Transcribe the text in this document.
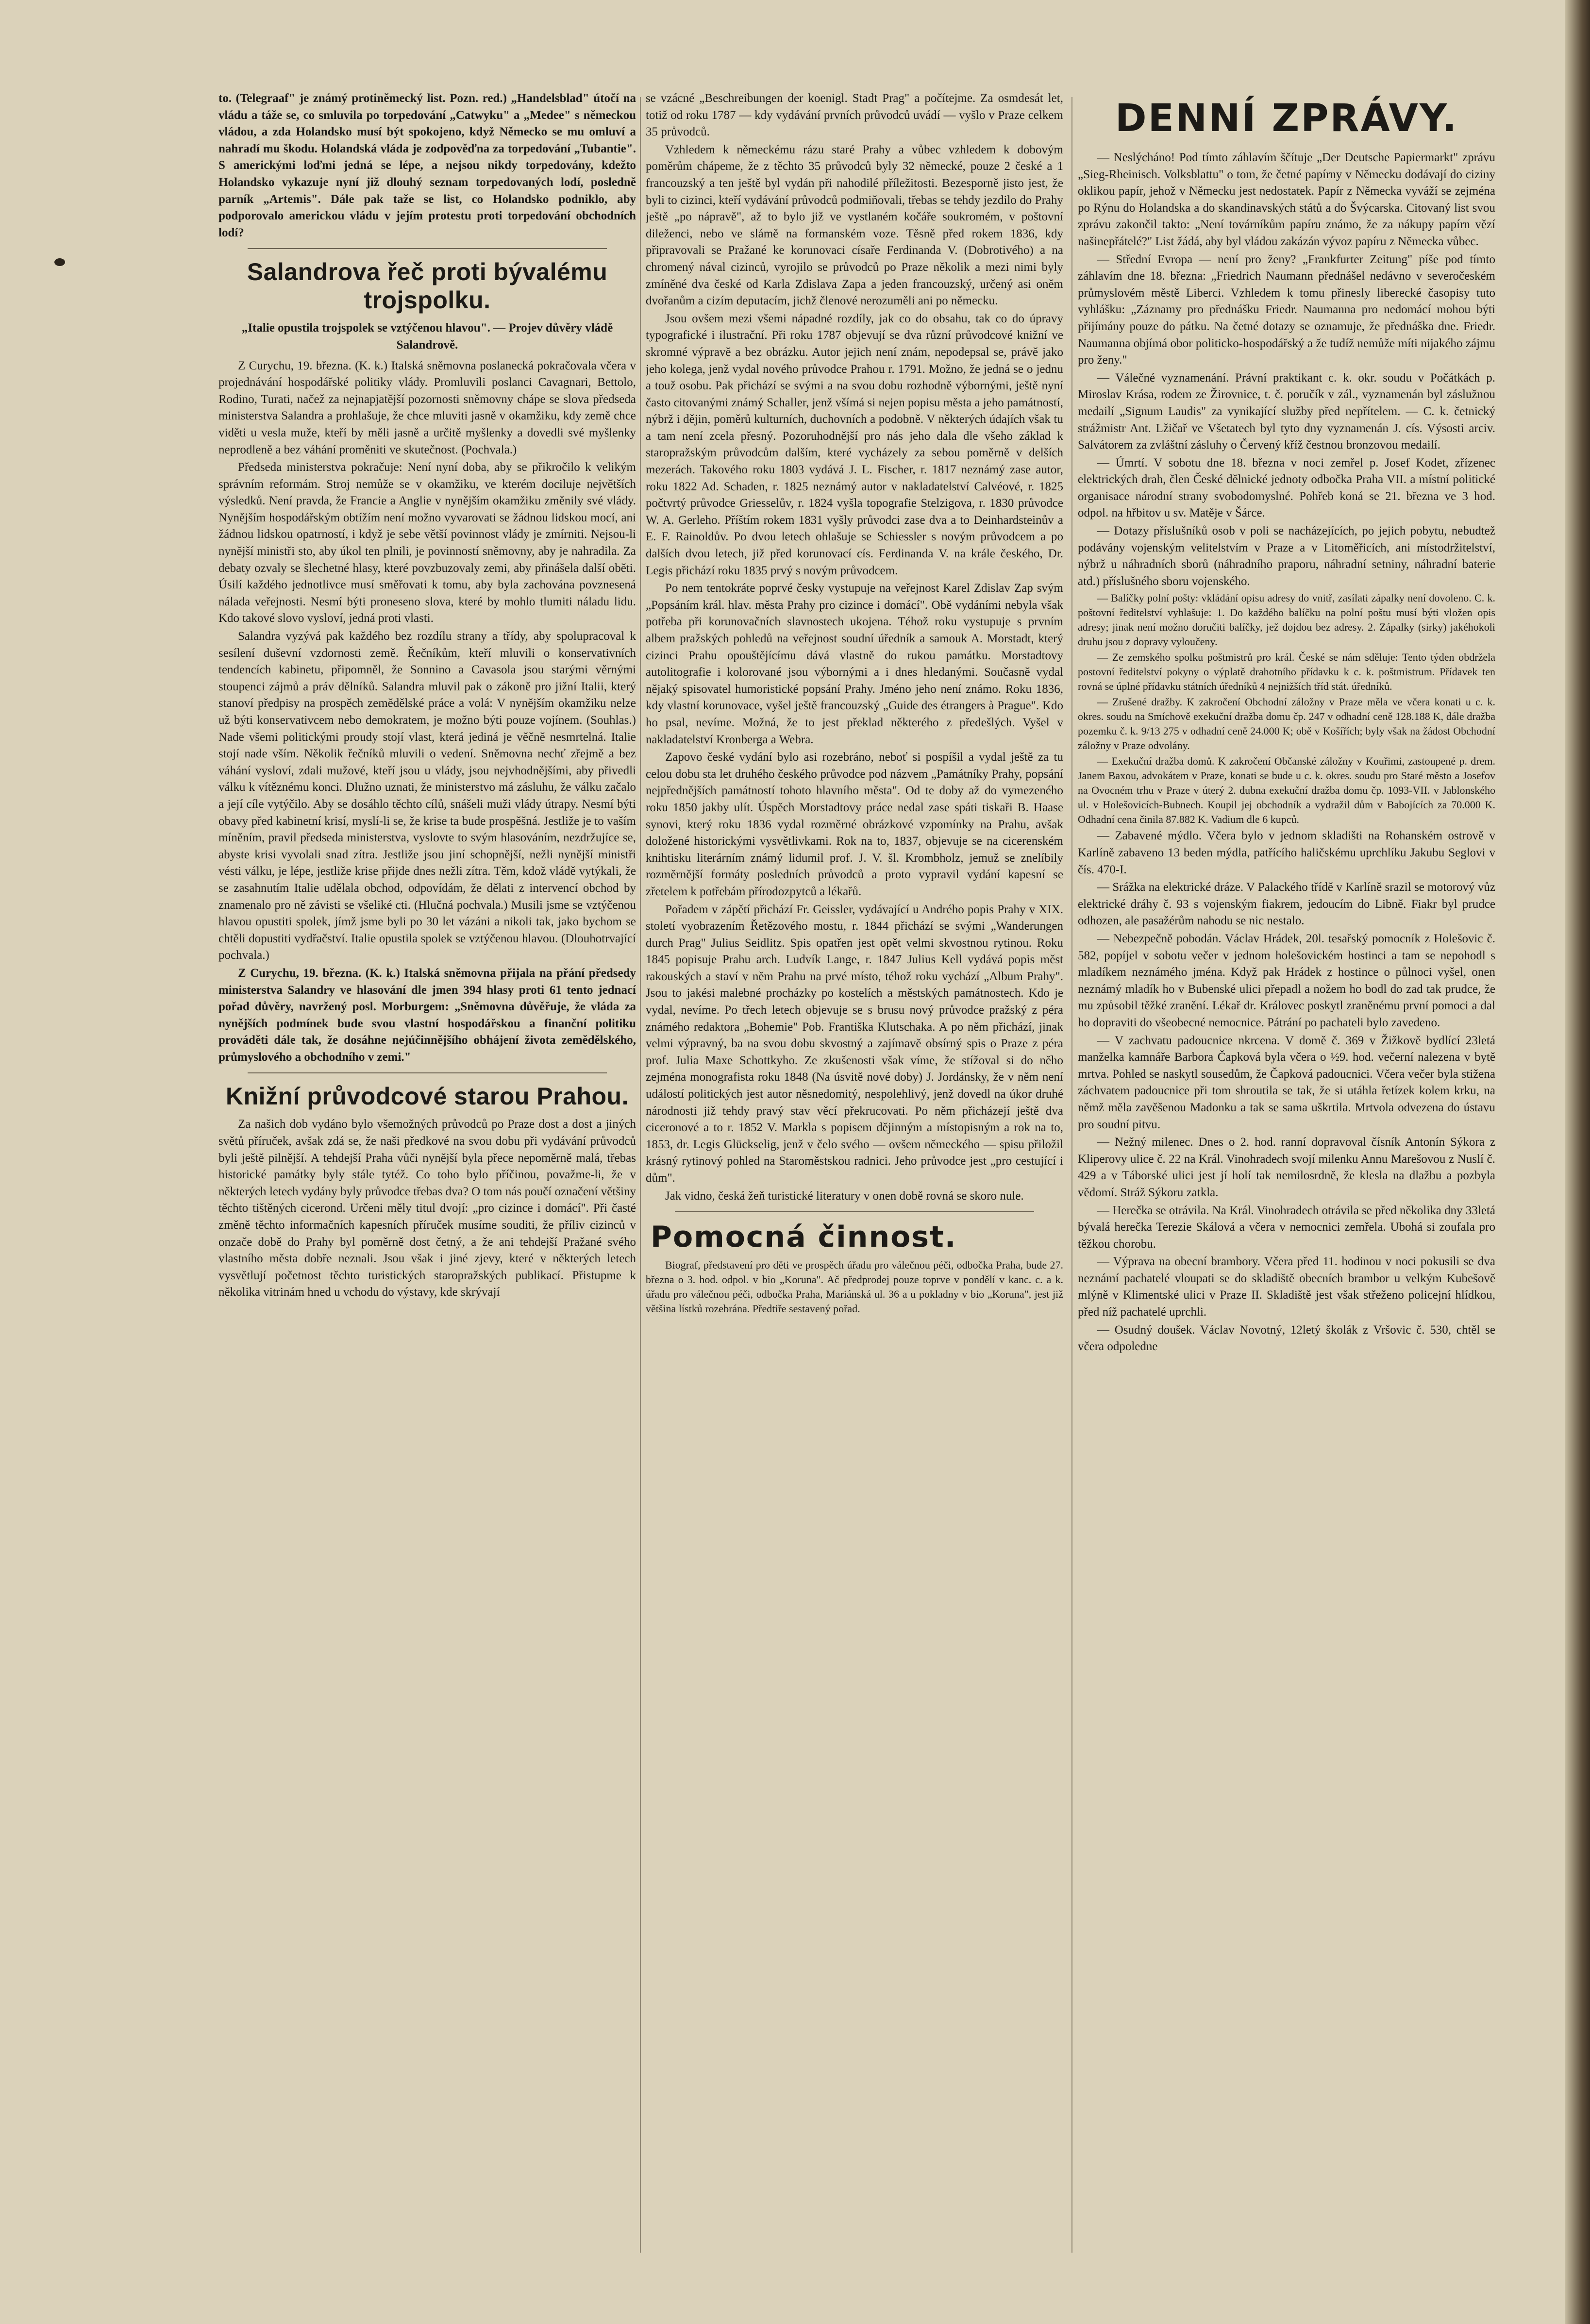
to. (Telegraaf" je známý protiněmecký list. Pozn. red.) „Handelsblad" útočí na vládu a táže se, co smluvila po torpedování „Catwyku" a „Medee" s německou vládou, a zda Holandsko musí být spokojeno, když Německo se mu omluví a nahradí mu škodu. Holandská vláda je zodpověďna za torpedování „Tubantie". S americkými loďmi jedná se lépe, a nejsou nikdy torpedovány, kdežto Holandsko vykazuje nyní již dlouhý seznam torpedovaných lodí, posledně parník „Artemis". Dále pak taže se list, co Holandsko podniklo, aby podporovalo americkou vládu v jejím protestu proti torpedování obchodních lodí?

Salandrova řeč proti bývalému trojspolku.

„Italie opustila trojspolek se vztýčenou hlavou". — Projev důvěry vládě Salandrově.

Z Curychu, 19. března. (K. k.) Italská sněmovna poslanecká pokračovala včera v projednávání hospodářské politiky vlády. Promluvili poslanci Cavagnari, Bettolo, Rodino, Turati, načež za nejnapjatější pozornosti sněmovny chápe se slova předseda ministerstva Salandra a prohlašuje, že chce mluviti jasně v okamžiku, kdy země chce viděti u vesla muže, kteří by měli jasně a určitě myšlenky a dovedli své myšlenky neprodleně a bez váhání proměniti ve skutečnost. (Pochvala.)

Předseda ministerstva pokračuje: Není nyní doba, aby se přikročilo k velikým správním reformám. Stroj nemůže se v okamžiku, ve kterém dociluje největších výsledků. Není pravda, že Francie a Anglie v nynějším okamžiku změnily své vlády. Nynějším hospodářským obtížím není možno vyvarovati se žádnou lidskou mocí, ani žádnou lidskou opatrností, i když je sebe větší povinnost vlády je zmírniti. Nejsou-li nynější ministři sto, aby úkol ten plnili, je povinností sněmovny, aby je nahradila. Za debaty ozvaly se šlechetné hlasy, které povzbuzovaly zemi, aby přinášela další oběti. Úsilí každého jednotlivce musí směřovati k tomu, aby byla zachována povznesená nálada veřejnosti. Nesmí býti proneseno slova, které by mohlo tlumiti náladu lidu. Kdo takové slovo vysloví, jedná proti vlasti.

Salandra vyzývá pak každého bez rozdílu strany a třídy, aby spolupracoval k sesílení duševní vzdornosti země. Řečníkům, kteří mluvili o konservativních tendencích kabinetu, připomněl, že Sonnino a Cavasola jsou starými věrnými stoupenci zájmů a práv dělníků. Salandra mluvil pak o zákoně pro jižní Italii, který stanoví předpisy na prospěch zemědělské práce a volá: V nynějším okamžiku nelze už býti konservativcem nebo demokratem, je možno býti pouze vojínem. (Souhlas.) Nade všemi politickými proudy stojí vlast, která jediná je věčně nesmrtelná. Italie stojí nade vším. Několik řečníků mluvili o vedení. Sněmovna nechť zřejmě a bez váhání vysloví, zdali mužové, kteří jsou u vlády, jsou nejvhodnějšími, aby přivedli válku k vítěznému konci. Dlužno uznati, že ministerstvo má zásluhu, že válku začalo a její cíle vytýčilo. Aby se dosáhlo těchto cílů, snášeli muži vlády útrapy. Nesmí býti obavy před kabinetní krisí, myslí-li se, že krise ta bude prospěšná. Jestliže je to vaším míněním, pravil předseda ministerstva, vyslovte to svým hlasováním, nezdržujíce se, abyste krisi vyvolali snad zítra. Jestliže jsou jiní schopnější, nežli nynější ministři vésti válku, je lépe, jestliže krise přijde dnes nežli zítra. Těm, kdož vládě vytýkali, že se zasahnutím Italie udělala obchod, odpovídám, že dělati z intervencí obchod by znamenalo pro ně závisti se všeliké cti. (Hlučná pochvala.) Musili jsme se vztýčenou hlavou opustiti spolek, jímž jsme byli po 30 let vázáni a nikoli tak, jako bychom se chtěli dopustiti vydřačství. Italie opustila spolek se vztýčenou hlavou. (Dlouhotrvající pochvala.)

Z Curychu, 19. března. (K. k.) Italská sněmovna přijala na přání předsedy ministerstva Salandry ve hlasování dle jmen 394 hlasy proti 61 tento jednací pořad důvěry, navržený posl. Morburgem: „Sněmovna důvěřuje, že vláda za nynějších podmínek bude svou vlastní hospodářskou a finanční politiku prováděti dále tak, že dosáhne nejúčinnějšího obhájení života zemědělského, průmyslového a obchodního v zemi."

Knižní průvodcové starou Prahou.

Za našich dob vydáno bylo všemožných průvodců po Praze dost a dost a jiných světů příruček, avšak zdá se, že naši předkové na svou dobu při vydávání průvodců byli ještě pilnější. A tehdejší Praha vůči nynější byla přece nepoměrně malá, třebas historické památky byly stále tytéž. Co toho bylo příčinou, považme-li, že v některých letech vydány byly průvodce třebas dva? O tom nás poučí označení většiny těchto tištěných cicerond. Určeni měly titul dvojí: „pro cizince i domácí". Při časté změně těchto informačních kapesních příruček musíme souditi, že příliv cizinců v onzače době do Prahy byl poměrně dost četný, a že ani tehdejší Pražané svého vlastního města dobře neznali. Jsou však i jiné zjevy, které v některých letech vysvětlují početnost těchto turistických staropražských publikací. Přistupme k několika vitrinám hned u vchodu do výstavy, kde skrývají

se vzácné „Beschreibungen der koenigl. Stadt Prag" a počítejme. Za osmdesát let, totiž od roku 1787 — kdy vydávání prvních průvodců uvádí — vyšlo v Praze celkem 35 průvodců.

Vzhledem k německému rázu staré Prahy a vůbec vzhledem k dobovým poměrům chápeme, že z těchto 35 průvodců byly 32 německé, pouze 2 české a 1 francouzský a ten ještě byl vydán při nahodilé příležitosti. Bezesporně jisto jest, že byli to cizinci, kteří vydávání průvodců podmiňovali, třebas se tehdy jezdilo do Prahy ještě „po nápravě", až to bylo již ve vystlaném kočáře soukromém, v poštovní dileženci, nebo ve slámě na formanském voze. Těsně před rokem 1836, kdy připravovali se Pražané ke korunovaci císaře Ferdinanda V. (Dobrotivého) a na chromený nával cizinců, vyrojilo se průvodců po Praze několik a mezi nimi byly zmíněné dva české od Karla Zdislava Zapa a jeden francouzský, určený asi oněm dvořanům a cizím deputacím, jichž členové nerozuměli ani po německu.

Jsou ovšem mezi všemi nápadné rozdíly, jak co do obsahu, tak co do úpravy typografické i ilustrační. Při roku 1787 objevují se dva různí průvodcové knižní ve skromné výpravě a bez obrázku. Autor jejich není znám, nepodepsal se, právě jako jeho kolega, jenž vydal nového průvodce Prahou r. 1791. Možno, že jedná se o jednu a touž osobu. Pak přichází se svými a na svou dobu rozhodně výbornými, ještě nyní často citovanými známý Schaller, jenž všímá si nejen popisu města a jeho památností, nýbrž i dějin, poměrů kulturních, duchovních a podobně. V některých údajích však tu a tam není zcela přesný. Pozoruhodnější pro nás jeho dala dle všeho základ k staropražským průvodcům dalším, které vycházely za sebou poměrně v delších mezerách. Takového roku 1803 vydává J. L. Fischer, r. 1817 neznámý zase autor, roku 1822 Ad. Schaden, r. 1825 neznámý autor v nakladatelství Calvéové, r. 1825 počtvrtý průvodce Griesselův, r. 1824 vyšla topografie Stelzigova, r. 1830 průvodce W. A. Gerleho. Příštím rokem 1831 vyšly průvodci zase dva a to Deinhardsteinův a E. F. Rainoldův. Po dvou letech ohlašuje se Schiessler s novým průvodcem a po dalších dvou letech, již před korunovací cís. Ferdinanda V. na krále českého, Dr. Legis přichází roku 1835 prvý s novým průvodcem.

Po nem tentokráte poprvé česky vystupuje na veřejnost Karel Zdislav Zap svým „Popsáním král. hlav. města Prahy pro cizince i domácí". Obě vydáními nebyla však potřeba při korunovačních slavnostech ukojena. Téhož roku vystupuje s prvním albem pražských pohledů na veřejnost soudní úředník a samouk A. Morstadt, který cizinci Prahu opouštějícímu dává vlastně do rukou památku. Morstadtovy autolitografie i kolorované jsou výbornými a i dnes hledanými. Současně vydal nějaký spisovatel humoristické popsání Prahy. Jméno jeho není známo. Roku 1836, kdy vlastní korunovace, vyšel ještě francouzský „Guide des étrangers à Prague". Kdo ho psal, nevíme. Možná, že to jest překlad některého z předešlých. Vyšel v nakladatelství Kronberga a Webra.

Zapovo české vydání bylo asi rozebráno, neboť si pospíšil a vydal ještě za tu celou dobu sta let druhého českého průvodce pod názvem „Památníky Prahy, popsání nejpřednějších památností tohoto hlavního města". Od te doby až do vymezeného roku 1850 jakby ulít. Úspěch Morstadtovy práce nedal zase spáti tiskaři B. Haase synovi, který roku 1836 vydal rozměrné obrázkové vzpomínky na Prahu, avšak doložené historickými vysvětlivkami. Rok na to, 1837, objevuje se na cicerenském knihtisku literárním známý lidumil prof. J. V. šl. Krombholz, jemuž se znelíbily rozměrnější formáty posledních průvodců a proto vypravil vydání kapesní se zřetelem k potřebám přírodozpytců a lékařů.

Pořadem v zápětí přichází Fr. Geissler, vydávající u Andrého popis Prahy v XIX. století vyobrazením Řetězového mostu, r. 1844 přichází se svými „Wanderungen durch Prag" Julius Seidlitz. Spis opatřen jest opět velmi skvostnou rytinou. Roku 1845 popisuje Prahu arch. Ludvík Lange, r. 1847 Julius Kell vydává popis měst rakouských a staví v něm Prahu na prvé místo, téhož roku vychází „Album Prahy". Jsou to jakési malebné procházky po kostelích a městských památnostech. Kdo je vydal, nevíme. Po třech letech objevuje se s brusu nový průvodce pražský z péra známého redaktora „Bohemie" Pob. Františka Klutschaka. A po něm přichází, jinak velmi výpravný, ba na svou dobu skvostný a zajímavě obsírný spis o Praze z péra prof. Julia Maxe Schottkyho. Ze zkušenosti však víme, že stížoval si do něho zejména monografista roku 1848 (Na úsvitě nové doby) J. Jordánsky, že v něm není událostí politických jest autor něsnedomitý, nespolehlivý, jenž dovedl na úkor druhé národnosti již tehdy pravý stav věcí překrucovati. Po něm přicházejí ještě dva ciceronové a to r. 1852 V. Markla s popisem dějinným a místopisným a rok na to, 1853, dr. Legis Glückselig, jenž v čelo svého — ovšem německého — spisu přiložil krásný rytinový pohled na Staroměstskou radnici. Jeho průvodce jest „pro cestující i dům".

Jak vidno, česká žeň turistické literatury v onen době rovná se skoro nule.

Pomocná činnost.

Biograf, představení pro děti ve prospěch úřadu pro válečnou péči, odbočka Praha, bude 27. března o 3. hod. odpol. v bio „Koruna". Ač předprodej pouze toprve v pondělí v kanc. c. a k. úřadu pro válečnou péči, odbočka Praha, Mariánská ul. 36 a u pokladny v bio „Koruna", jest již většina lístků rozebrána. Předtiře sestavený pořad.

DENNÍ ZPRÁVY.

— Neslýcháno! Pod tímto záhlavím ščítuje „Der Deutsche Papiermarkt" zprávu „Sieg-Rheinisch. Volksblattu" o tom, že četné papírny v Německu dodávají do ciziny oklikou papír, jehož v Německu jest nedostatek. Papír z Německa vyváží se zejména po Rýnu do Holandska a do skandinavských států a do Švýcarska. Citovaný list svou zprávu zakončil takto: „Není továrníkům papíru známo, že za nákupy papírn vězí našinepřátelé?" List žádá, aby byl vládou zakázán vývoz papíru z Německa vůbec.

— Střední Evropa — není pro ženy? „Frankfurter Zeitung" píše pod tímto záhlavím dne 18. března: „Friedrich Naumann přednášel nedávno v severočeském průmyslovém městě Liberci. Vzhledem k tomu přinesly liberecké časopisy tuto vyhlášku: „Záznamy pro přednášku Friedr. Naumanna pro nedomácí mohou býti přijímány pouze do pátku. Na četné dotazy se oznamuje, že přednáška dne. Friedr. Naumanna objímá obor politicko-hospodářský a že tudíž nemůže míti nijakého zájmu pro ženy."

— Válečné vyznamenání. Právní praktikant c. k. okr. soudu v Počátkách p. Miroslav Krása, rodem ze Žirovnice, t. č. poručík v zál., vyznamenán byl záslužnou medailí „Signum Laudis" za vynikající služby před nepřítelem. — C. k. četnický strážmistr Ant. Lžičař ve Všetatech byl tyto dny vyznamenán J. cís. Výsosti arciv. Salvátorem za zvláštní zásluhy o Červený kříž čestnou bronzovou medailí.

— Úmrtí. V sobotu dne 18. března v noci zemřel p. Josef Kodet, zřízenec elektrických drah, člen České dělnické jednoty odbočka Praha VII. a místní politické organisace národní strany svobodomyslné. Pohřeb koná se 21. března ve 3 hod. odpol. na hřbitov u sv. Matěje v Šárce.

— Dotazy příslušníků osob v poli se nacházejících, po jejich pobytu, nebudtež podávány vojenským velitelstvím v Praze a v Litoměřicích, ani místodržitelství, nýbrž u náhradních sborů (náhradního praporu, náhradní setniny, náhradní baterie atd.) příslušného sboru vojenského.

— Balíčky polní pošty: vkládání opisu adresy do vnitř, zasílati zápalky není dovoleno. C. k. poštovní ředitelství vyhlašuje: 1. Do každého balíčku na polní poštu musí býti vložen opis adresy; jinak není možno doručiti balíčky, jež dojdou bez adresy. 2. Zápalky (sirky) jakéhokoli druhu jsou z dopravy vyloučeny.

— Ze zemského spolku poštmistrů pro král. České se nám sděluje: Tento týden obdržela postovní ředitelství pokyny o výplatě drahotního přídavku k c. k. poštmistrum. Přídavek ten rovná se úplné přídavku státních úředníků 4 nejnižších tříd stát. úředníků.

— Zrušené dražby. K zakročení Obchodní záložny v Praze měla ve včera konati u c. k. okres. soudu na Smíchově exekuční dražba domu čp. 247 v odhadní ceně 128.188 K, dále dražba pozemku č. k. 9/13 275 v odhadní ceně 24.000 K; obě v Košířích; byly však na žádost Obchodní záložny v Praze odvolány.

— Exekuční dražba domů. K zakročení Občanské záložny v Kouřimi, zastoupené p. drem. Janem Baxou, advokátem v Praze, konati se bude u c. k. okres. soudu pro Staré město a Josefov na Ovocném trhu v Praze v úterý 2. dubna exekuční dražba domu čp. 1093-VII. v Jablonského ul. v Holešovicích-Bubnech. Koupil jej obchodník a vydražil dům v Babojících za 70.000 K. Odhadní cena činila 87.882 K. Vadium dle 6 kupců.

— Zabavené mýdlo. Včera bylo v jednom skladišti na Rohanském ostrově v Karlíně zabaveno 13 beden mýdla, patřícího haličskému uprchlíku Jakubu Seglovi v čís. 470-I.

— Srážka na elektrické dráze. V Palackého třídě v Karlíně srazil se motorový vůz elektrické dráhy č. 93 s vojenským fiakrem, jedoucím do Libně. Fiakr byl prudce odhozen, ale pasažérům nahodu se nic nestalo.

— Nebezpečně pobodán. Václav Hrádek, 20l. tesařský pomocník z Holešovic č. 582, popíjel v sobotu večer v jednom holešovickém hostinci a tam se nepohodl s mladíkem neznámého jména. Když pak Hrádek z hostince o půlnoci vyšel, onen neznámý mladík ho v Bubenské ulici přepadl a nožem ho bodl do zad tak prudce, že mu způsobil těžké zranění. Lékař dr. Královec poskytl zraněnému první pomoci a dal ho dopraviti do všeobecné nemocnice. Pátrání po pachateli bylo zavedeno.

— V zachvatu padoucnice nkrcena. V domě č. 369 v Žižkově bydlící 23letá manželka kamnáře Barbora Čapková byla včera o ½9. hod. večerní nalezena v bytě mrtva. Pohled se naskytl sousedům, že Čapková padoucnici. Včera večer byla stižena záchvatem padoucnice při tom shroutila se tak, že si utáhla řetízek kolem krku, na němž měla zavěšenou Madonku a tak se sama uškrtila. Mrtvola odvezena do ústavu pro soudní pitvu.

— Nežný milenec. Dnes o 2. hod. ranní dopravoval čísník Antonín Sýkora z Kliperovy ulice č. 22 na Král. Vinohradech svojí milenku Annu Marešovou z Nuslí č. 429 a v Táborské ulici jest jí holí tak nemilosrdně, že klesla na dlažbu a pozbyla vědomí. Stráž Sýkoru zatkla.

— Herečka se otrávila. Na Král. Vinohradech otrávila se před několika dny 33letá bývalá herečka Terezie Skálová a včera v nemocnici zemřela. Ubohá si zoufala pro těžkou chorobu.

— Výprava na obecní brambory. Včera před 11. hodinou v noci pokusili se dva neznámí pachatelé vloupati se do skladiště obecních brambor u velkým Kubešově mlýně v Klimentské ulici v Praze II. Skladiště jest však střeženo policejní hlídkou, před níž pachatelé uprchli.

— Osudný doušek. Václav Novotný, 12letý školák z Vršovic č. 530, chtěl se včera odpoledne
